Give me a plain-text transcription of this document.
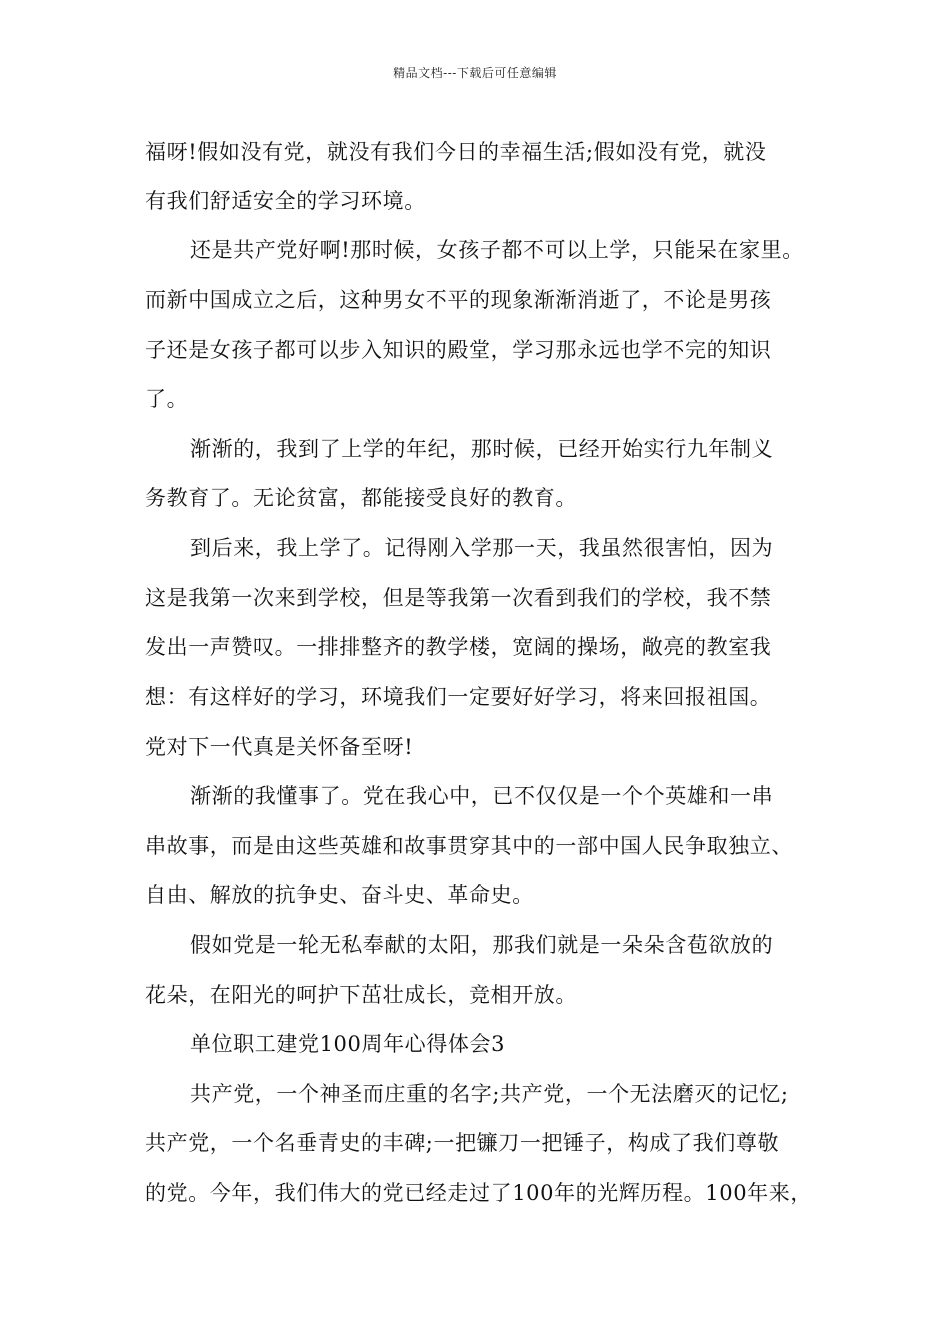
精品文档---下载后可任意编辑
福呀!假如没有党，就没有我们今日的幸福生活;假如没有党，就没
有我们舒适安全的学习环境。
还是共产党好啊!那时候，女孩子都不可以上学，只能呆在家里。
而新中国成立之后，这种男女不平的现象渐渐消逝了，不论是男孩
子还是女孩子都可以步入知识的殿堂，学习那永远也学不完的知识
了。
渐渐的，我到了上学的年纪，那时候，已经开始实行九年制义
务教育了。无论贫富，都能接受良好的教育。
到后来，我上学了。记得刚入学那一天，我虽然很害怕，因为
这是我第一次来到学校，但是等我第一次看到我们的学校，我不禁
发出一声赞叹。一排排整齐的教学楼，宽阔的操场，敞亮的教室我
想：有这样好的学习，环境我们一定要好好学习，将来回报祖国。
党对下一代真是关怀备至呀!
渐渐的我懂事了。党在我心中，已不仅仅是一个个英雄和一串
串故事，而是由这些英雄和故事贯穿其中的一部中国人民争取独立、
自由、解放的抗争史、奋斗史、革命史。
假如党是一轮无私奉献的太阳，那我们就是一朵朵含苞欲放的
花朵，在阳光的呵护下茁壮成长，竞相开放。
单位职工建党100周年心得体会3
共产党，一个神圣而庄重的名字;共产党，一个无法磨灭的记忆;
共产党，一个名垂青史的丰碑;一把镰刀一把锤子，构成了我们尊敬
的党。今年，我们伟大的党已经走过了100年的光辉历程。100年来，
